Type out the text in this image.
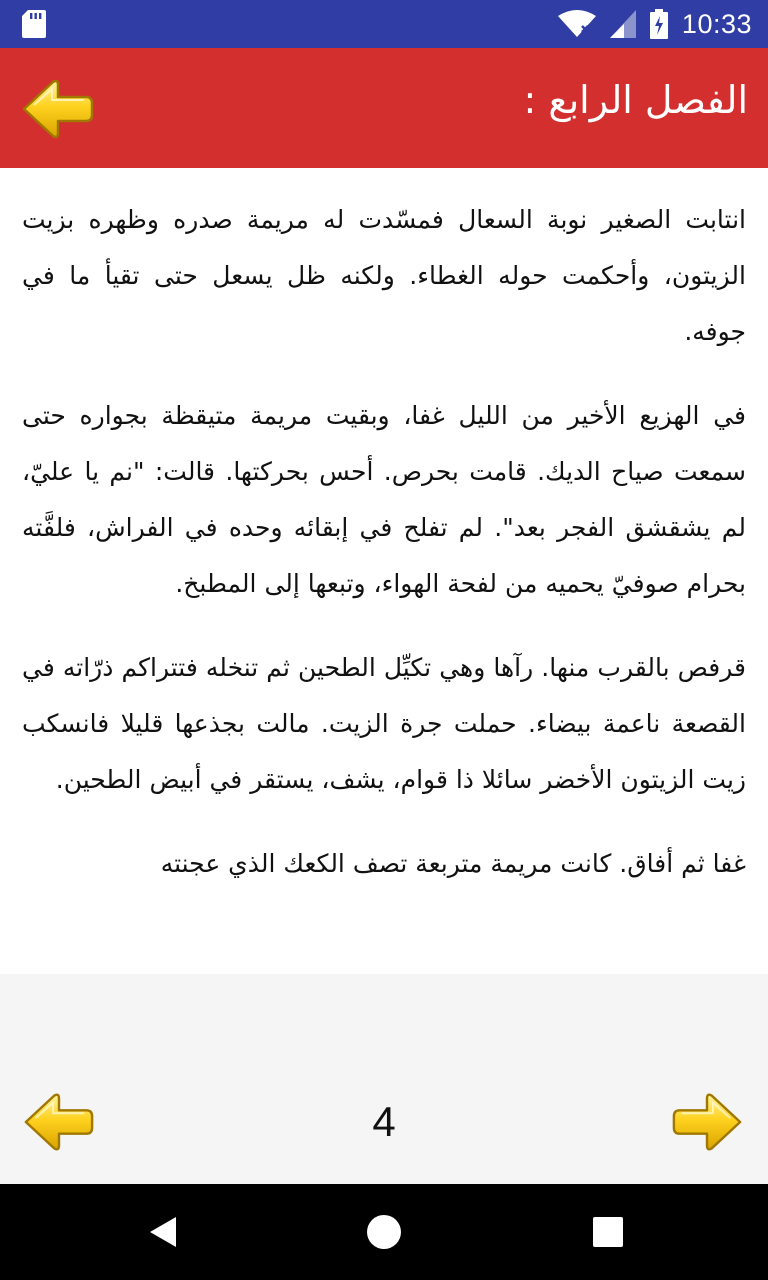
10:33
الفصل الرابع :

انتابت الصغير نوبة السعال فمسّدت له مريمة صدره وظهره بزيت الزيتون، وأحكمت حوله الغطاء. ولكنه ظل يسعل حتى تقيأ ما في جوفه.

في الهزيع الأخير من الليل غفا، وبقيت مريمة متيقظة بجواره حتى سمعت صياح الديك. قامت بحرص. أحس بحركتها. قالت: "نم يا عليّ، لم يشقشق الفجر بعد". لم تفلح في إبقائه وحده في الفراش، فلفَّته بحرام صوفيّ يحميه من لفحة الهواء، وتبعها إلى المطبخ.

قرفص بالقرب منها. رآها وهي تكيِّل الطحين ثم تنخله فتتراكم ذرّاته في القصعة ناعمة بيضاء. حملت جرة الزيت. مالت بجذعها قليلا فانسكب زيت الزيتون الأخضر سائلا ذا قوام، يشف، يستقر في أبيض الطحين.

غفا ثم أفاق. كانت مريمة متربعة تصف الكعك الذي عجنته

4
